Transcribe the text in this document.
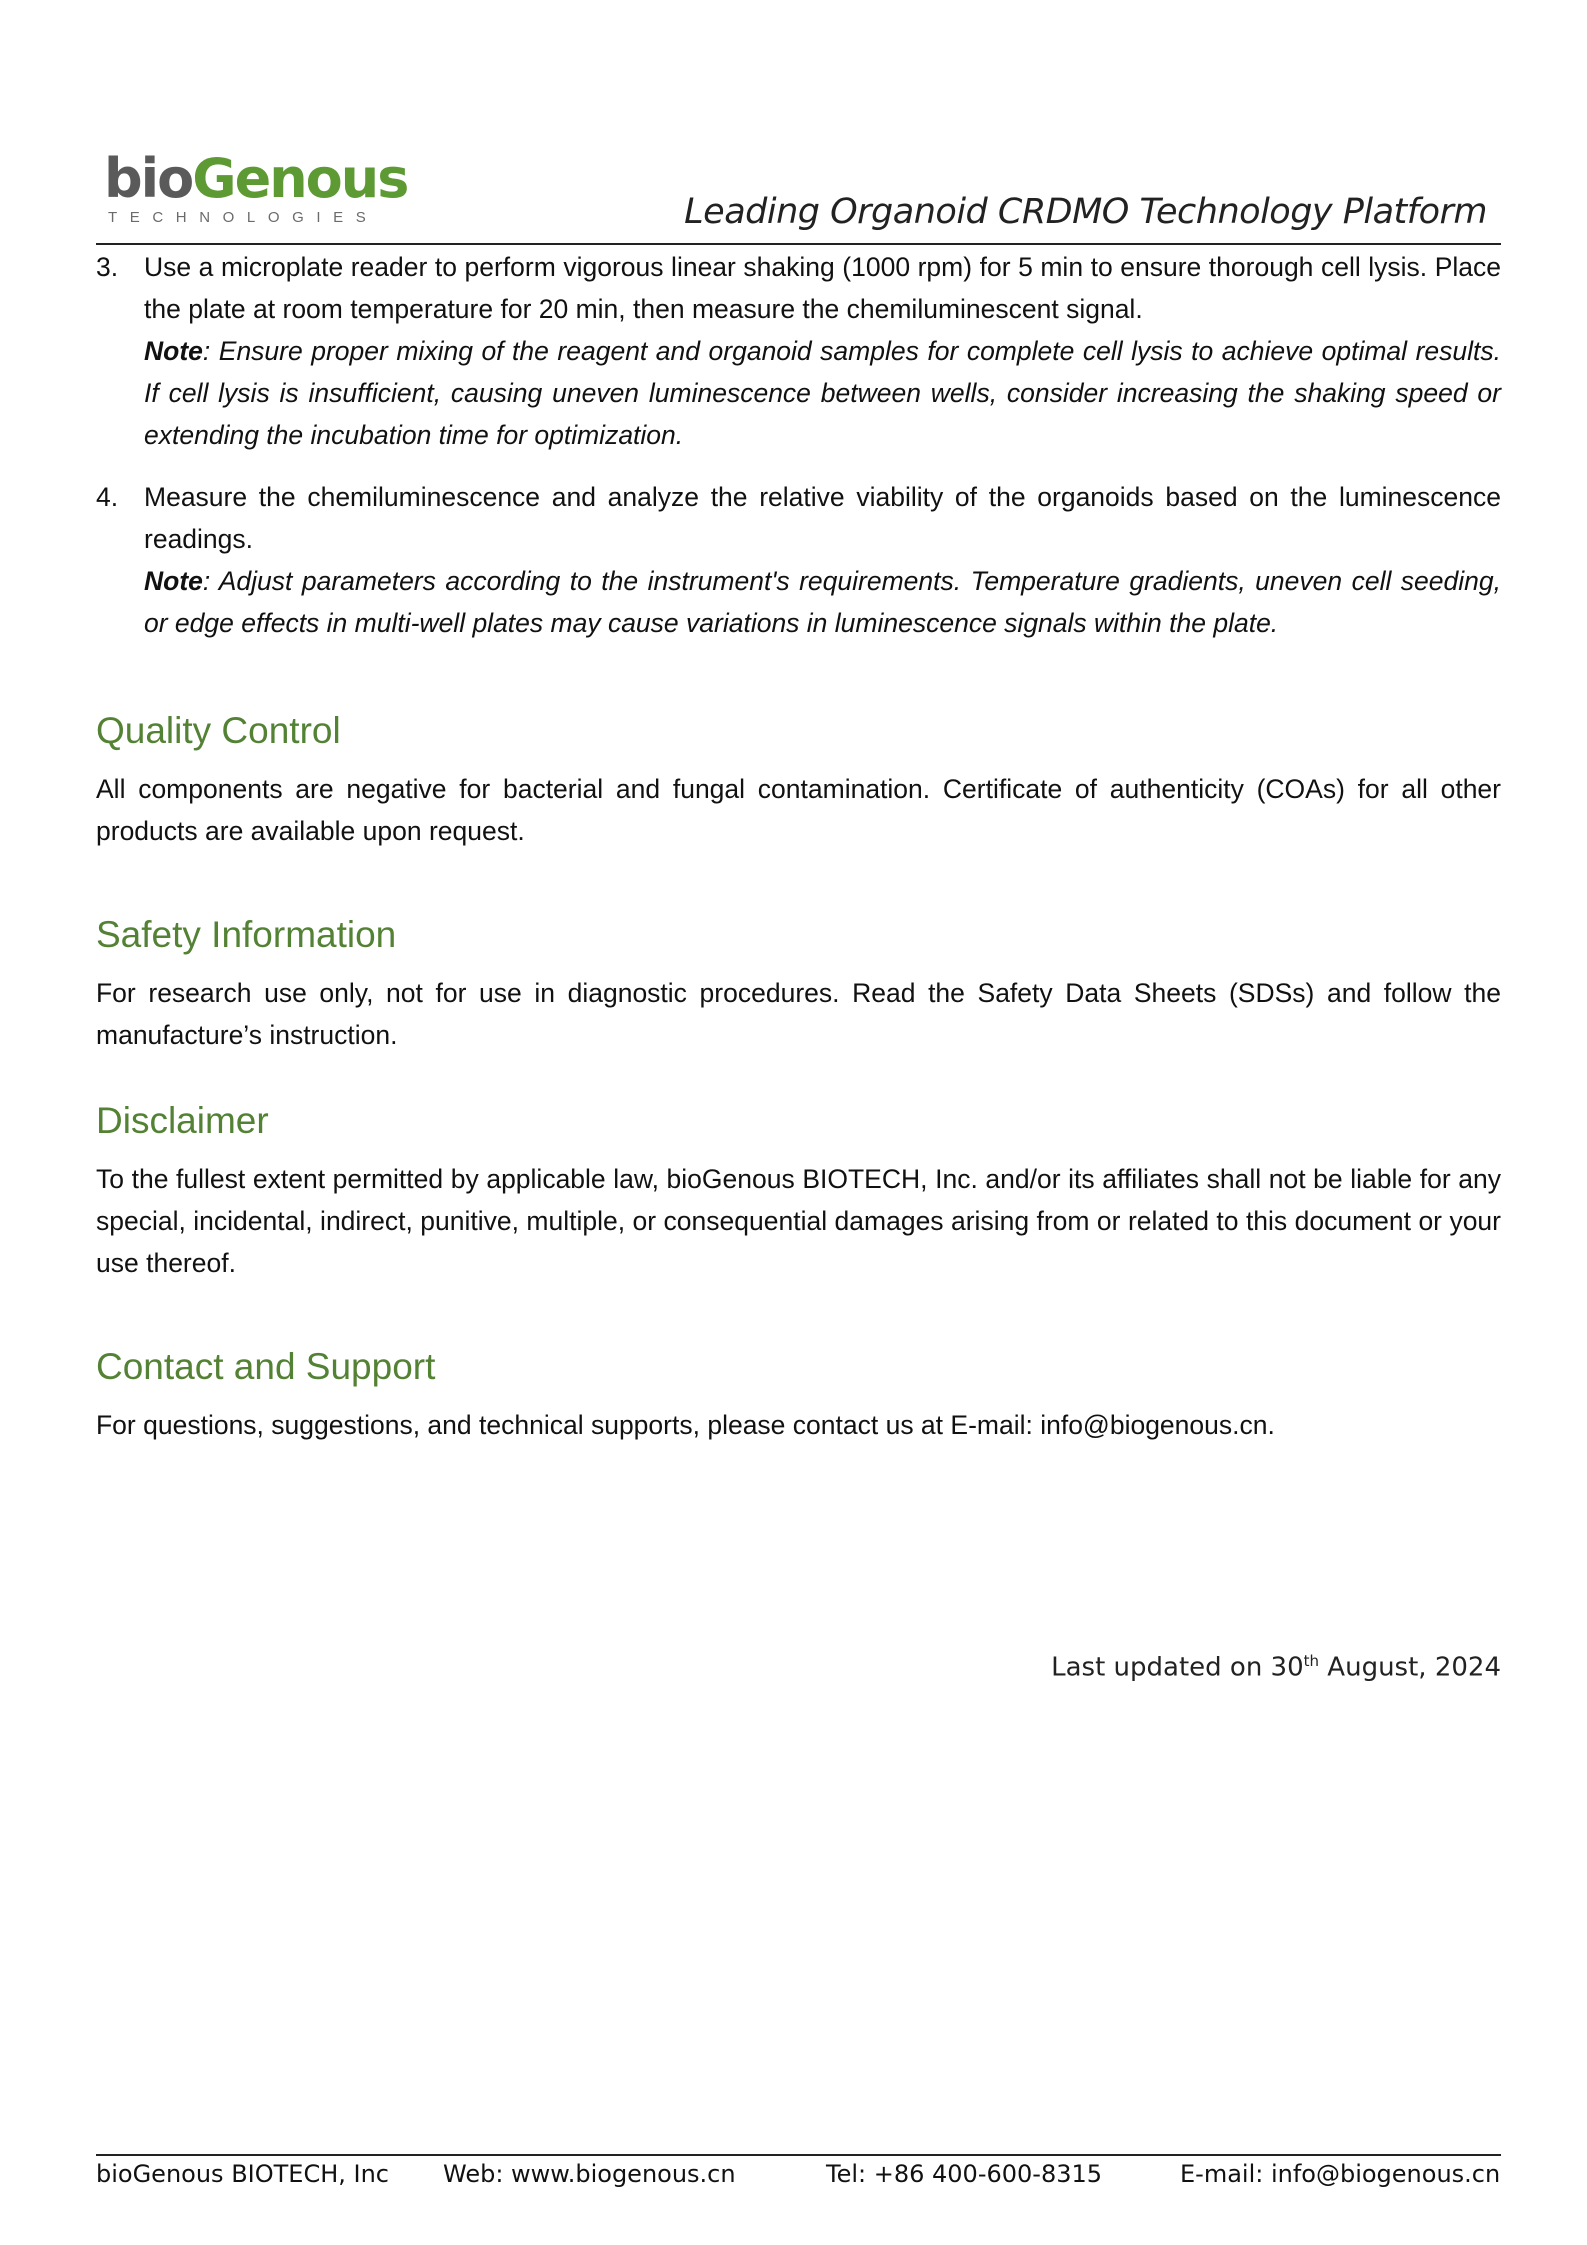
bioGenous
TECHNOLOGIES	Leading Organoid CRDMO Technology Platform
3. Use a microplate reader to perform vigorous linear shaking (1000 rpm) for 5 min to ensure thorough cell lysis. Place the plate at room temperature for 20 min, then measure the chemiluminescent signal.
Note: Ensure proper mixing of the reagent and organoid samples for complete cell lysis to achieve optimal results. If cell lysis is insufficient, causing uneven luminescence between wells, consider increasing the shaking speed or extending the incubation time for optimization.
4. Measure the chemiluminescence and analyze the relative viability of the organoids based on the luminescence readings.
Note: Adjust parameters according to the instrument's requirements. Temperature gradients, uneven cell seeding, or edge effects in multi-well plates may cause variations in luminescence signals within the plate.
Quality Control

All components are negative for bacterial and fungal contamination. Certificate of authenticity (COAs) for all other products are available upon request.

Safety Information

For research use only, not for use in diagnostic procedures. Read the Safety Data Sheets (SDSs) and follow the manufacture’s instruction.

Disclaimer

To the fullest extent permitted by applicable law, bioGenous BIOTECH, Inc. and/or its affiliates shall not be liable for any special, incidental, indirect, punitive, multiple, or consequential damages arising from or related to this document or your use thereof.

Contact and Support

For questions, suggestions, and technical supports, please contact us at E-mail: info@biogenous.cn.

Last updated on 30th August, 2024
bioGenous BIOTECH, Inc Web: www.biogenous.cn	Tel: +86 400-600-8315	E-mail: info@biogenous.cn
